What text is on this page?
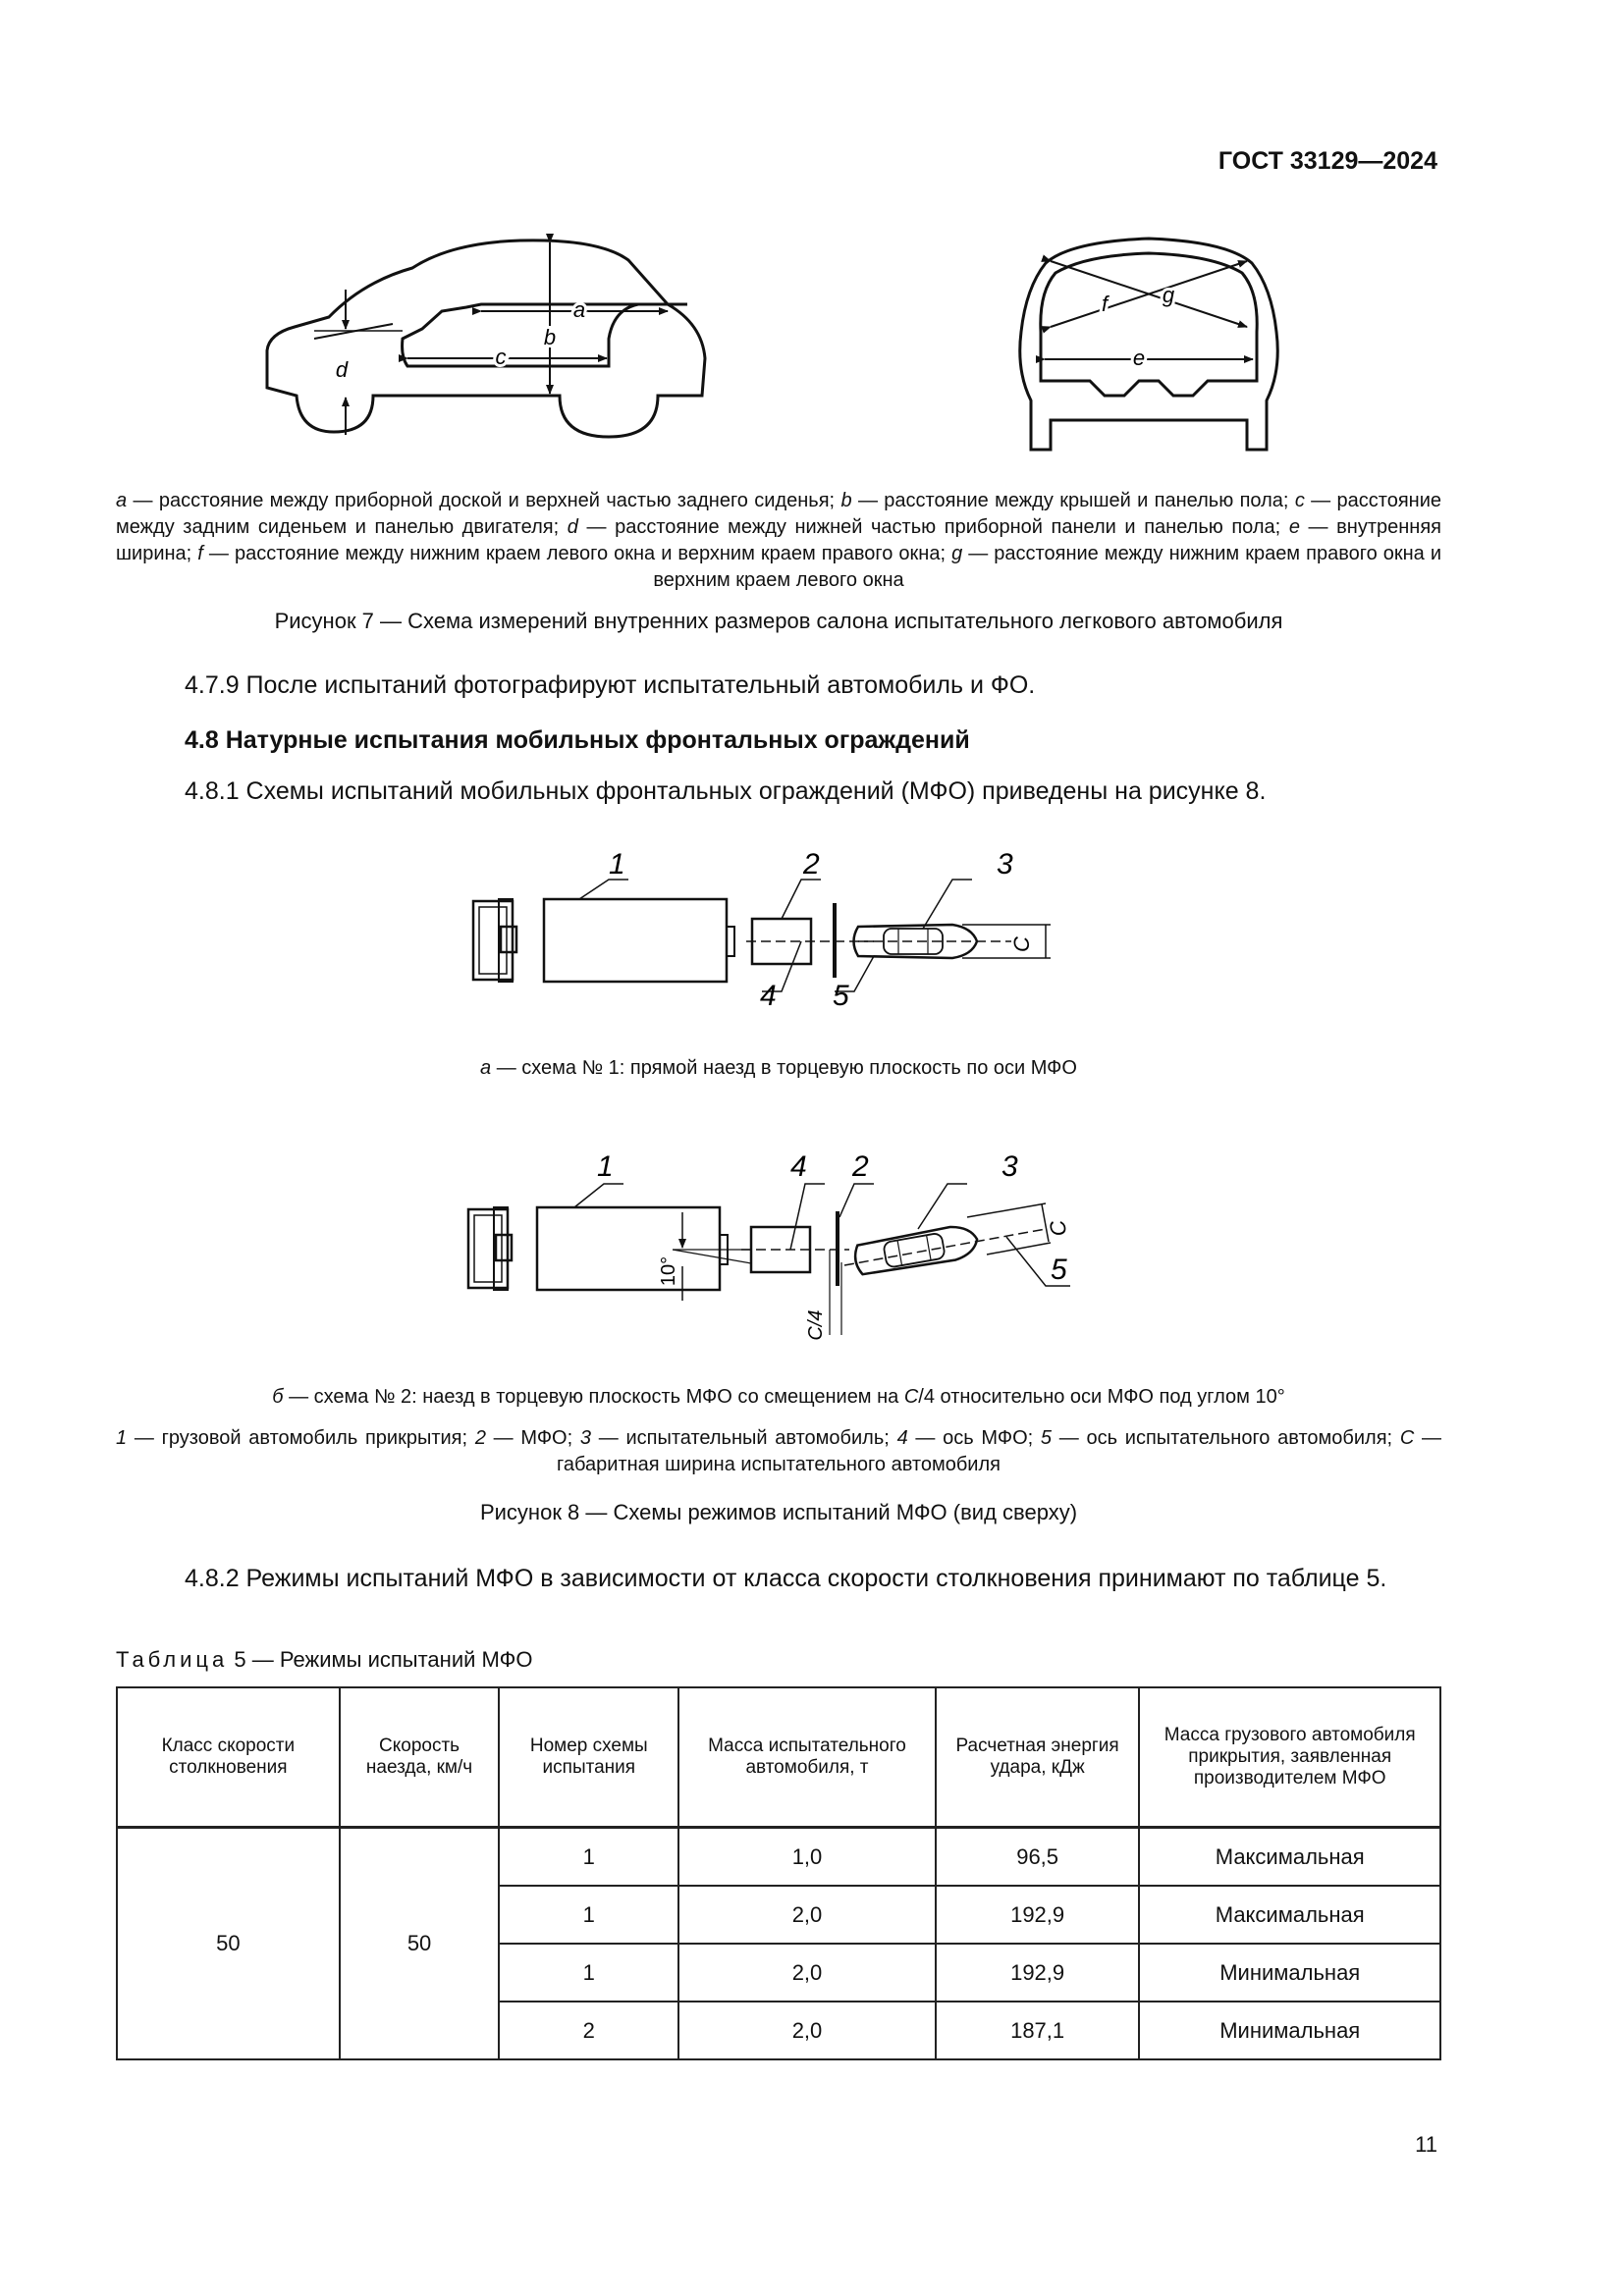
ГОСТ 33129—2024
a
b
c
d	e
f	g
a — расстояние между приборной доской и верхней частью заднего сиденья; b — расстояние между крышей и панелью пола; c — расстояние между задним сиденьем и панелью двигателя; d — расстояние между нижней частью приборной панели и панелью пола; e — внутренняя ширина; f — расстояние между нижним краем левого окна и верхним краем правого окна; g — расстояние между нижним краем правого окна и верхним краем левого окна
Рисунок 7 — Схема измерений внутренних размеров салона испытательного легкового автомобиля
4.7.9 После испытаний фотографируют испытательный автомобиль и ФО.
4.8 Натурные испытания мобильных фронтальных ограждений
4.8.1 Схемы испытаний мобильных фронтальных ограждений (МФО) приведены на рисунке 8.
C
1	2	3
4 5
а — схема № 1: прямой наезд в торцевую плоскость по оси МФО
10°
C
C/4
1	4 2	3
5
б — схема № 2: наезд в торцевую плоскость МФО со смещением на C/4 относительно оси МФО под углом 10°
1 — грузовой автомобиль прикрытия; 2 — МФО; 3 — испытательный автомобиль; 4 — ось МФО; 5 — ось испытательного автомобиля; C — габаритная ширина испытательного автомобиля
Рисунок 8 — Схемы режимов испытаний МФО (вид сверху)
4.8.2 Режимы испытаний МФО в зависимости от класса скорости столкновения принимают по таблице 5.
Таблица 5 — Режимы испытаний МФО
Класс скорости столкновения	Скорость наезда, км/ч	Номер схемы испытания	Масса испытательного автомобиля, т	Расчетная энергия удара, кДж	Масса грузового автомобиля прикрытия, заявленная производителем МФО
50	50	1	1,0	96,5	Максимальная
		1	2,0	192,9	Максимальная
		1	2,0	192,9	Минимальная
		2	2,0	187,1	Минимальная
11
